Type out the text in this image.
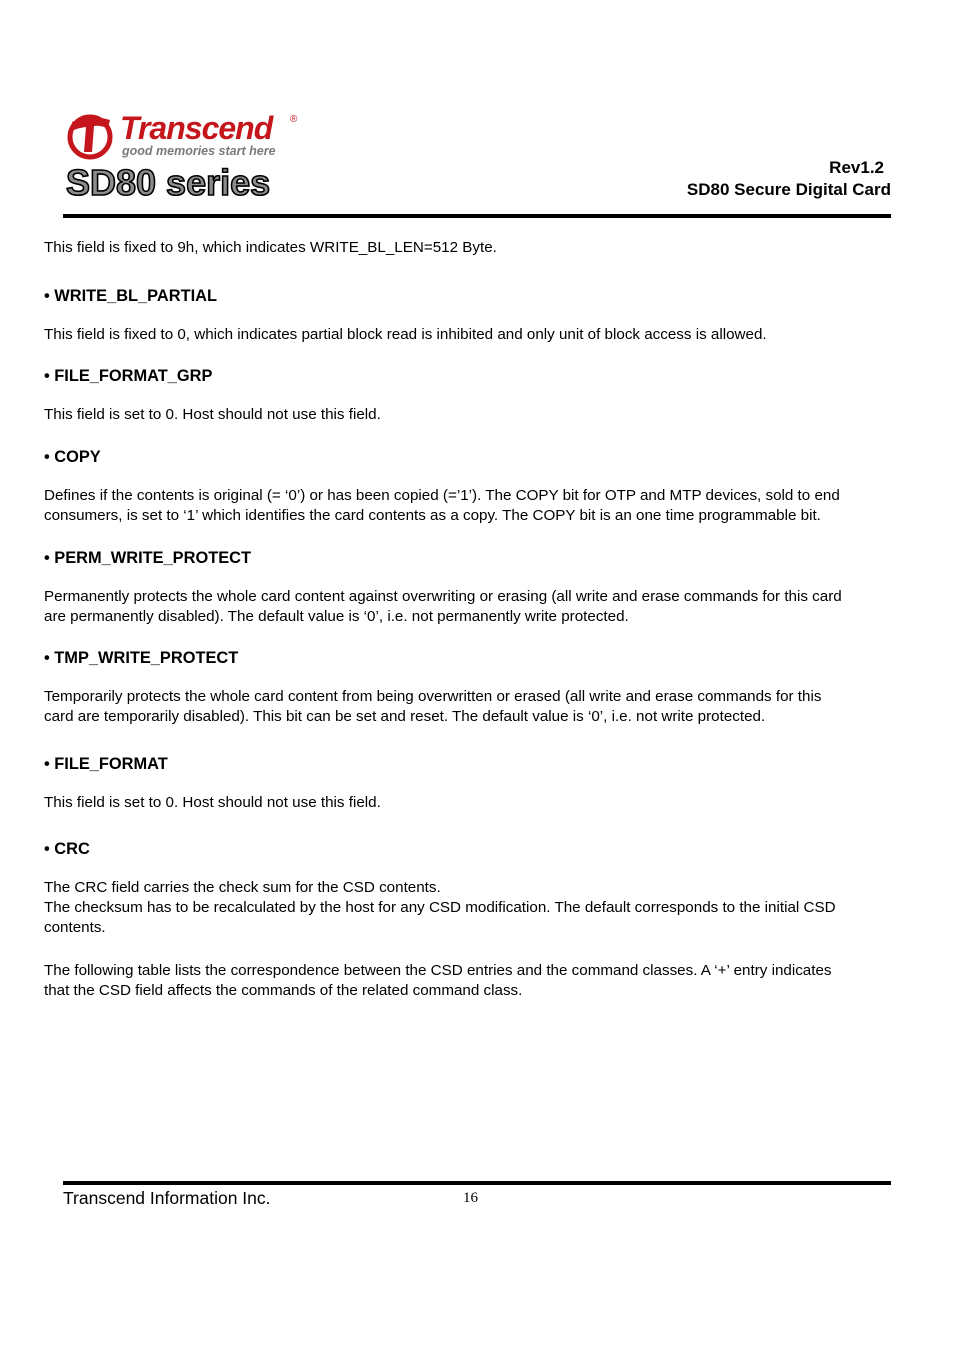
Transcend ®
good memories start here
SD80 series	Rev1.2
SD80 Secure Digital Card

This field is fixed to 9h, which indicates WRITE_BL_LEN=512 Byte.

• WRITE_BL_PARTIAL

This field is fixed to 0, which indicates partial block read is inhibited and only unit of block access is allowed.

• FILE_FORMAT_GRP

This field is set to 0. Host should not use this field.

• COPY

Defines if the contents is original (= ‘0’) or has been copied (=’1’). The COPY bit for OTP and MTP devices, sold to end

consumers, is set to ‘1’ which identifies the card contents as a copy. The COPY bit is an one time programmable bit.

• PERM_WRITE_PROTECT

Permanently protects the whole card content against overwriting or erasing (all write and erase commands for this card

are permanently disabled). The default value is ‘0’, i.e. not permanently write protected.

• TMP_WRITE_PROTECT

Temporarily protects the whole card content from being overwritten or erased (all write and erase commands for this

card are temporarily disabled). This bit can be set and reset. The default value is ‘0’, i.e. not write protected.

• FILE_FORMAT

This field is set to 0. Host should not use this field.

• CRC

The CRC field carries the check sum for the CSD contents.

The checksum has to be recalculated by the host for any CSD modification. The default corresponds to the initial CSD

contents.

The following table lists the correspondence between the CSD entries and the command classes. A ‘+’ entry indicates

that the CSD field affects the commands of the related command class.

Transcend Information Inc.	16
